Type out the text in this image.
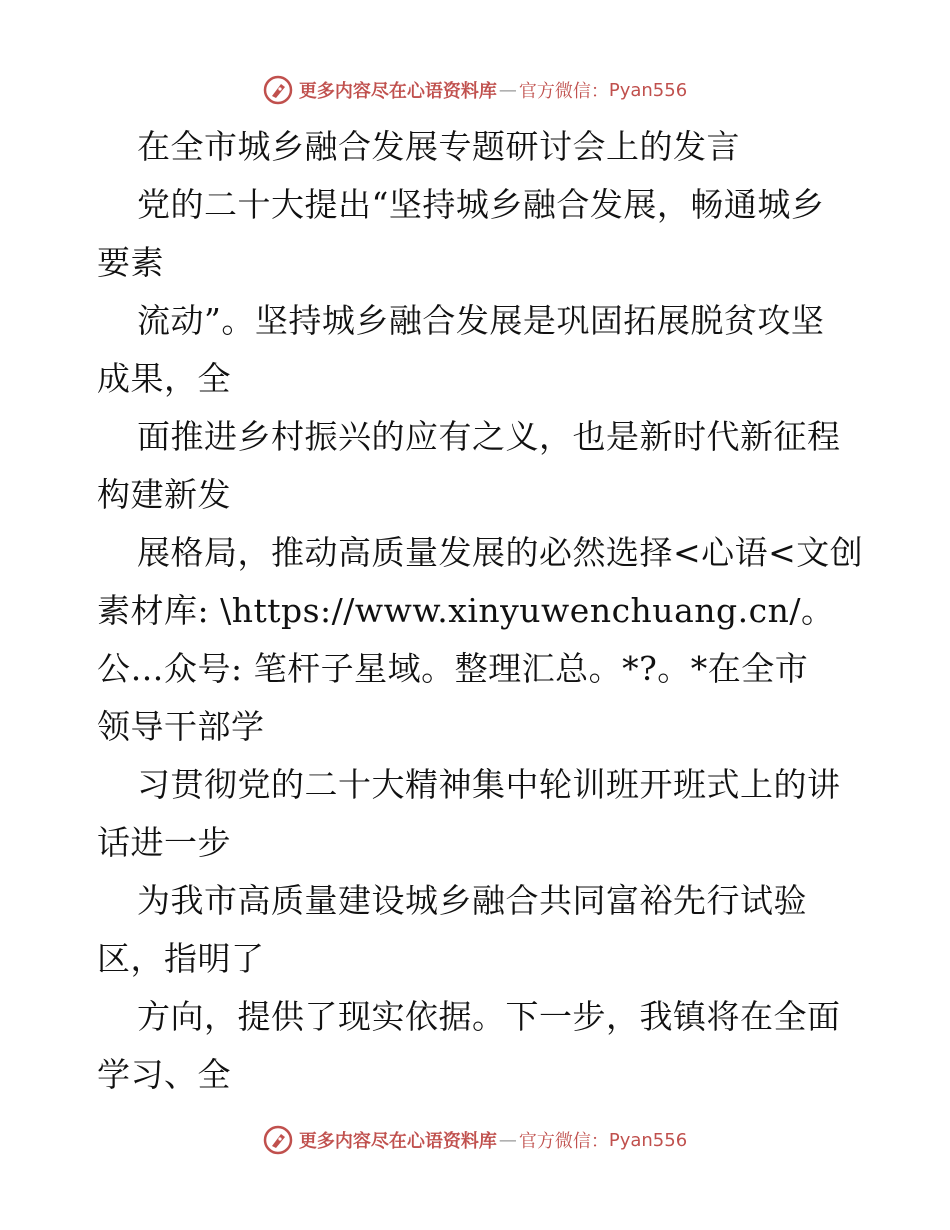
更多内容尽在心语资料库 — 官方微信： Pyan556
在全市城乡融合发展专题研讨会上的发言
党的二十大提出“坚持城乡融合发展，畅通城乡
要素
流动”。坚持城乡融合发展是巩固拓展脱贫攻坚
成果，全
面推进乡村振兴的应有之义，也是新时代新征程
构建新发
展格局，推动高质量发展的必然选择<心语<文创
素材库: \https://www.xinyuwenchuang.cn/。
公…众号: 笔杆子星域。整理汇总。*?。*在全市
领导干部学
习贯彻党的二十大精神集中轮训班开班式上的讲
话进一步
为我市高质量建设城乡融合共同富裕先行试验
区，指明了
方向，提供了现实依据。下一步，我镇将在全面
学习、全
更多内容尽在心语资料库 — 官方微信： Pyan556
